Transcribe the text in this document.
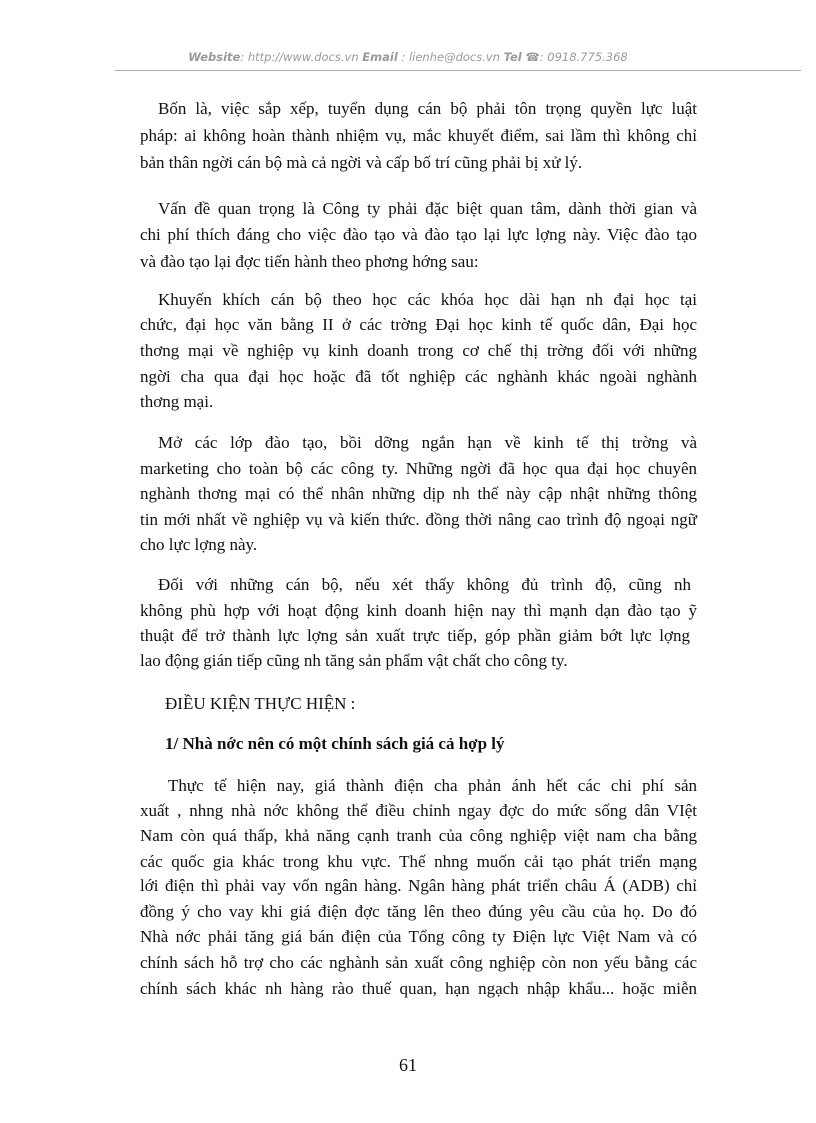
Website: http://www.docs.vn Email : lienhe@docs.vn Tel ☎: 0918.775.368
Bốn là, việc sắp xếp, tuyển dụng cán bộ phải tôn trọng quyền lực luật
pháp: ai không hoàn thành nhiệm vụ, mắc khuyết điểm, sai lầm thì không chỉ
bản thân ngời cán bộ mà cả ngời và cấp bố trí cũng phải bị xử lý.
Vấn đề quan trọng là Công ty phải đặc biệt quan tâm, dành thời gian và
chi phí thích đáng cho việc đào tạo và đào tạo lại lực lợng này. Việc đào tạo
và đào tạo lại đợc tiến hành theo phơng hớng sau:
Khuyến khích cán bộ theo học các khóa học dài hạn nh đại học tại
chức, đại học văn bằng II ở các trờng Đại học kinh tế quốc dân, Đại học
thơng mại về nghiệp vụ kinh doanh trong cơ chế thị trờng đối với những
ngời cha qua đại học hoặc đã tốt nghiệp các nghành khác ngoài nghành
thơng mại.
Mở các lớp đào tạo, bồi dỡng ngắn hạn về kinh tế thị trờng và
marketing cho toàn bộ các công ty. Những ngời đã học qua đại học chuyên
nghành thơng mại có thể nhân những dịp nh thế này cập nhật những thông
tin mới nhất về nghiệp vụ và kiến thức. đồng thời nâng cao trình độ ngoại ngữ
cho lực lợng này.
Đối với những cán bộ, nếu xét thấy không đủ trình độ, cũng nh
không phù hợp với hoạt động kinh doanh hiện nay thì mạnh dạn đào tạo ỹ
thuật để trở thành lực lợng sản xuất trực tiếp, góp phần giảm bớt lực lợng
lao động gián tiếp cũng nh tăng sản phẩm vật chất cho công ty.
ĐIỀU KIỆN THỰC HIỆN :
1/ Nhà nớc nên có một chính sách giá cả hợp lý
Thực tế hiện nay, giá thành điện cha phản ánh hết các chi phí sản
xuất , nhng nhà nớc không thể điều chỉnh ngay đợc do mức sống dân VIệt
Nam còn quá thấp, khả năng cạnh tranh của công nghiệp việt nam cha bằng
các quốc gia khác trong khu vực. Thế nhng muốn cải tạo phát triển mạng
lới điện thì phải vay vốn ngân hàng. Ngân hàng phát triển châu Á (ADB) chỉ
đồng ý cho vay khi giá điện đợc tăng lên theo đúng yêu cầu của họ. Do đó
Nhà nớc phải tăng giá bán điện của Tổng công ty Điện lực Việt Nam và có
chính sách hỗ trợ cho các nghành sản xuất công nghiệp còn non yếu bằng các
chính sách khác nh hàng rào thuế quan, hạn ngạch nhập khẩu... hoặc miễn
61
